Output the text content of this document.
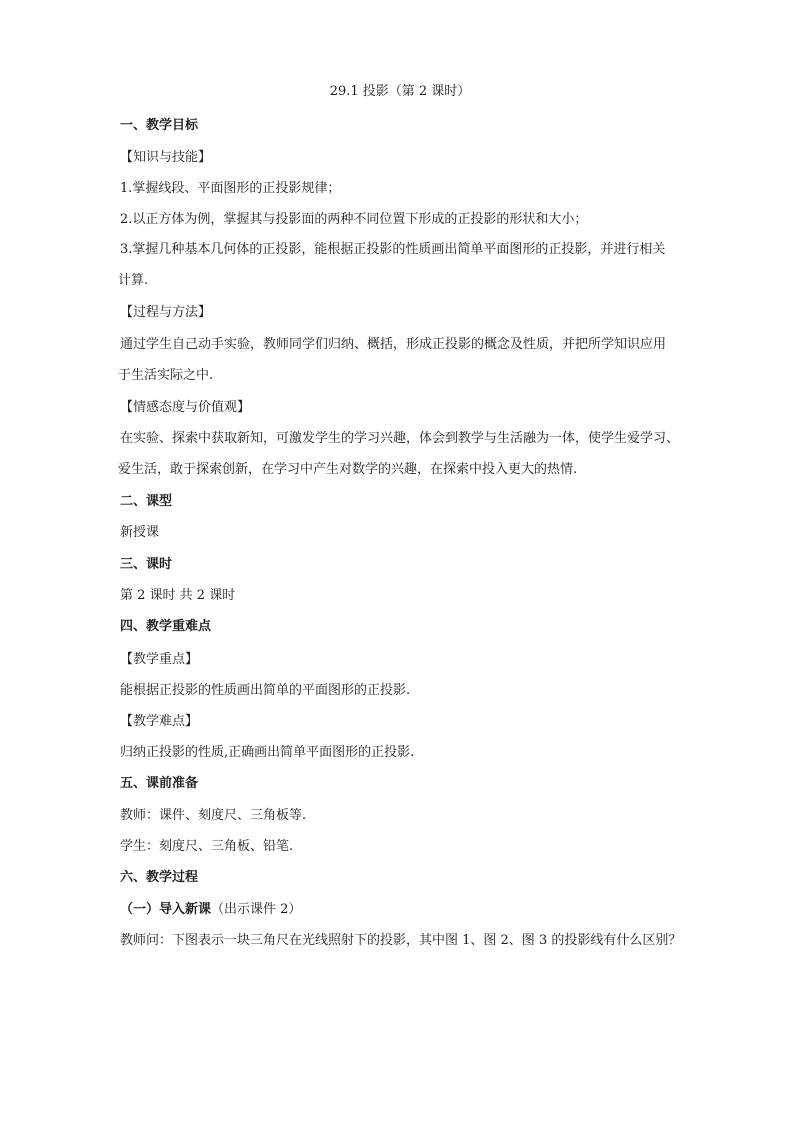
29.1 投影（第 2 课时）
一、教学目标
【知识与技能】
1.掌握线段、平面图形的正投影规律；
2.以正方体为例，掌握其与投影面的两种不同位置下形成的正投影的形状和大小；
3.掌握几种基本几何体的正投影，能根据正投影的性质画出简单平面图形的正投影，并进行相关
计算.
【过程与方法】
通过学生自己动手实验，教师同学们归纳、概括，形成正投影的概念及性质，并把所学知识应用
于生活实际之中.
【情感态度与价值观】
在实验、探索中获取新知，可激发学生的学习兴趣，体会到教学与生活融为一体，使学生爱学习、
爱生活，敢于探索创新，在学习中产生对数学的兴趣，在探索中投入更大的热情.
二、课型
新授课
三、课时
第 2 课时 共 2 课时
四、教学重难点
【教学重点】
能根据正投影的性质画出简单的平面图形的正投影.
【教学难点】
归纳正投影的性质,正确画出简单平面图形的正投影.
五、课前准备
教师：课件、刻度尺、三角板等.
学生：刻度尺、三角板、铅笔.
六、教学过程
（一）导入新课（出示课件 2）
教师问：下图表示一块三角尺在光线照射下的投影，其中图 1、图 2、图 3 的投影线有什么区别？
